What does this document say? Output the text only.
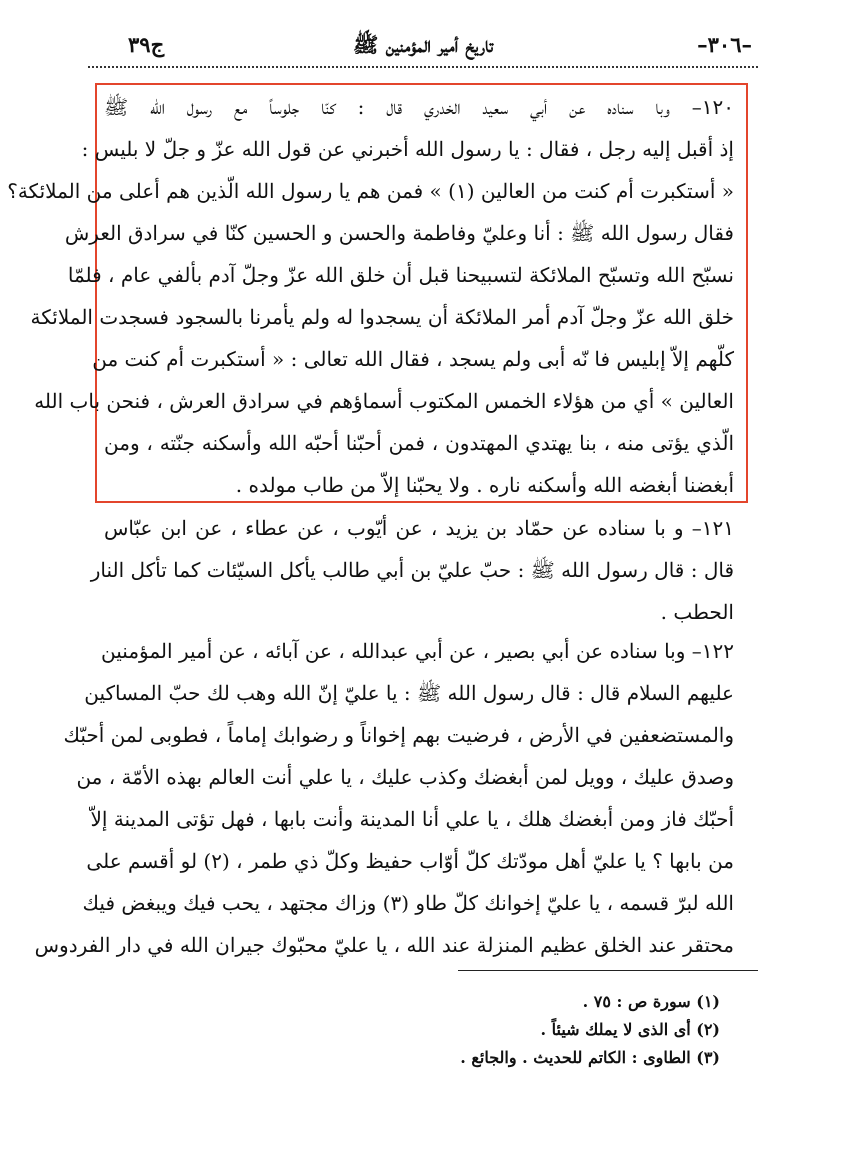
ج٣٩	تاريخ أمير المؤمنين ﷺ	–٣٠٦–
١٢٠– وبا سناده عن أبي سعيد الخدري قال : كنّا جلوساً مع رسول الله ﷺ
إذ أقبل إليه رجل ، فقال : يا رسول الله أخبرني عن قول الله عزّ و جلّ لا بليس :
« أستكبرت أم كنت من العالين (١) » فمن هم يا رسول الله الّذين هم أعلى من الملائكة؟
فقال رسول الله ﷺ : أنا وعليّ وفاطمة والحسن و الحسين كنّا في سرادق العرش
نسبّح الله وتسبّح الملائكة لتسبيحنا قبل أن خلق الله عزّ وجلّ آدم بألفي عام ، فلمّا
خلق الله عزّ وجلّ آدم أمر الملائكة أن يسجدوا له ولم يأمرنا بالسجود فسجدت الملائكة
كلّهم إلاّ إبليس فا نّه أبى ولم يسجد ، فقال الله تعالى : « أستكبرت أم كنت من
العالين » أي من هؤلاء الخمس المكتوب أسماؤهم في سرادق العرش ، فنحن باب الله
الّذي يؤتى منه ، بنا يهتدي المهتدون ، فمن أحبّنا أحبّه الله وأسكنه جنّته ، ومن
أبغضنا أبغضه الله وأسكنه ناره . ولا يحبّنا إلاّ من طاب مولده .
١٢١– و با سناده عن حمّاد بن يزيد ، عن أيّوب ، عن عطاء ، عن ابن عبّاس
قال : قال رسول الله ﷺ : حبّ عليّ بن أبي طالب يأكل السيّئات كما تأكل النار
الحطب .
١٢٢– وبا سناده عن أبي بصير ، عن أبي عبدالله ، عن آبائه ، عن أمير المؤمنين
عليهم السلام قال : قال رسول الله ﷺ : يا عليّ إنّ الله وهب لك حبّ المساكين
والمستضعفين في الأرض ، فرضيت بهم إخواناً و رضوابك إماماً ، فطوبى لمن أحبّك
وصدق عليك ، وويل لمن أبغضك وكذب عليك ، يا علي أنت العالم بهذه الأمّة ، من
أحبّك فاز ومن أبغضك هلك ، يا علي أنا المدينة وأنت بابها ، فهل تؤتى المدينة إلاّ
من بابها ؟ يا عليّ أهل مودّتك كلّ أوّاب حفيظ وكلّ ذي طمر ، (٢) لو أقسم على
الله لبرّ قسمه ، يا عليّ إخوانك كلّ طاو (٣) وزاك مجتهد ، يحب فيك ويبغض فيك
محتقر عند الخلق عظيم المنزلة عند الله ، يا عليّ محبّوك جيران الله في دار الفردوس
(١) سورة ص : ٧٥ .
(٢) أى الذى لا يملك شيئاً .
(٣) الطاوى : الكاتم للحديث . والجائع .
